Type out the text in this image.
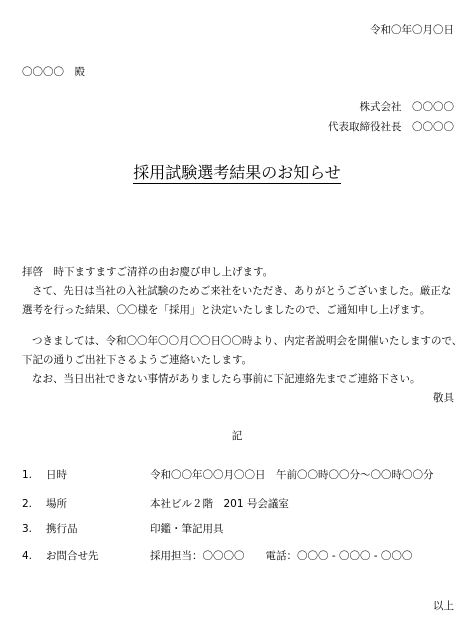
令和〇年〇月〇日
〇〇〇〇　殿
株式会社　〇〇〇〇
代表取締役社長　〇〇〇〇
採用試験選考結果のお知らせ
拝啓　時下ますますご清祥の由お慶び申し上げます。
さて、先日は当社の入社試験のためご来社をいただき、ありがとうございました。厳正な
選考を行った結果、〇〇様を「採用」と決定いたしましたので、ご通知申し上げます。
つきましては、令和〇〇年〇〇月〇〇日〇〇時より、内定者説明会を開催いたしますので、
下記の通りご出社下さるようご連絡いたします。
なお、当日出社できない事情がありましたら事前に下記連絡先までご連絡下さい。
敬具
記
1. 日時	令和〇〇年〇〇月〇〇日　午前〇〇時〇〇分～〇〇時〇〇分
2. 場所	本社ビル２階　201 号会議室
3. 携行品	印鑑・筆記用具
4. お問合せ先	採用担当：〇〇〇〇　　電話：〇〇〇 - 〇〇〇 - 〇〇〇
以上
